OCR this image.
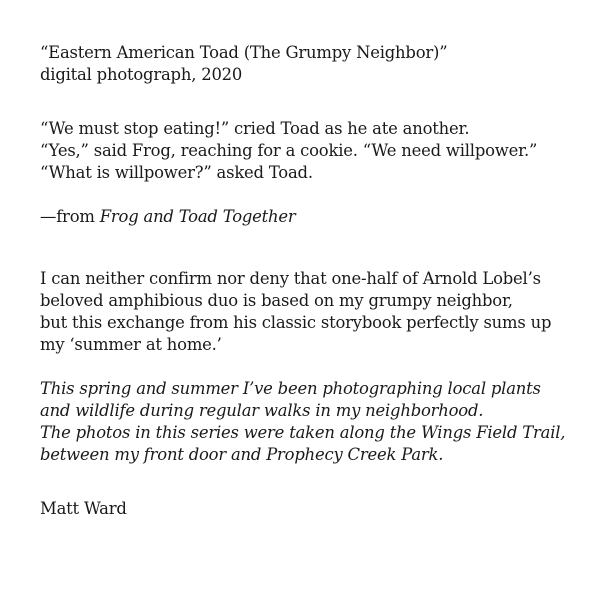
“Eastern American Toad (The Grumpy Neighbor)”
digital photograph, 2020
“We must stop eating!” cried Toad as he ate another.
“Yes,” said Frog, reaching for a cookie. “We need willpower.”
“What is willpower?” asked Toad.
—from Frog and Toad Together
I can neither confirm nor deny that one-half of Arnold Lobel’s
beloved amphibious duo is based on my grumpy neighbor,
but this exchange from his classic storybook perfectly sums up
my ‘summer at home.’
This spring and summer I’ve been photographing local plants
and wildlife during regular walks in my neighborhood.
The photos in this series were taken along the Wings Field Trail,
between my front door and Prophecy Creek Park.
Matt Ward
